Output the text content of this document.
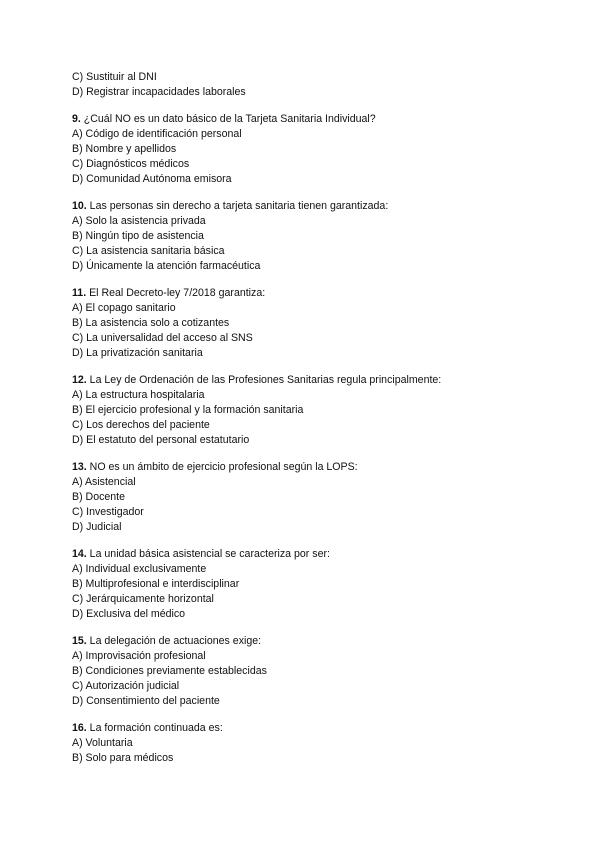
C) Sustituir al DNI
D) Registrar incapacidades laborales
9. ¿Cuál NO es un dato básico de la Tarjeta Sanitaria Individual?
A) Código de identificación personal
B) Nombre y apellidos
C) Diagnósticos médicos
D) Comunidad Autónoma emisora
10. Las personas sin derecho a tarjeta sanitaria tienen garantizada:
A) Solo la asistencia privada
B) Ningún tipo de asistencia
C) La asistencia sanitaria básica
D) Únicamente la atención farmacéutica
11. El Real Decreto-ley 7/2018 garantiza:
A) El copago sanitario
B) La asistencia solo a cotizantes
C) La universalidad del acceso al SNS
D) La privatización sanitaria
12. La Ley de Ordenación de las Profesiones Sanitarias regula principalmente:
A) La estructura hospitalaria
B) El ejercicio profesional y la formación sanitaria
C) Los derechos del paciente
D) El estatuto del personal estatutario
13. NO es un ámbito de ejercicio profesional según la LOPS:
A) Asistencial
B) Docente
C) Investigador
D) Judicial
14. La unidad básica asistencial se caracteriza por ser:
A) Individual exclusivamente
B) Multiprofesional e interdisciplinar
C) Jerárquicamente horizontal
D) Exclusiva del médico
15. La delegación de actuaciones exige:
A) Improvisación profesional
B) Condiciones previamente establecidas
C) Autorización judicial
D) Consentimiento del paciente
16. La formación continuada es:
A) Voluntaria
B) Solo para médicos
